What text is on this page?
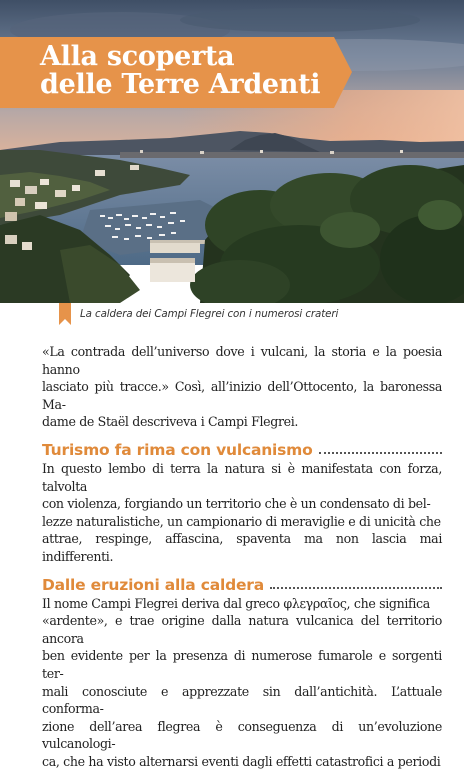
Alla scoperta
delle Terre Ardenti
La caldera dei Campi Flegrei con i numerosi crateri
«La contrada dell’universo dove i vulcani, la storia e la poesia hanno
lasciato più tracce.» Così, all’inizio dell’Ottocento, la baronessa Ma-
dame de Staël descriveva i Campi Flegrei.
Turismo fa rima con vulcanismo
In questo lembo di terra la natura si è manifestata con forza, talvolta
con violenza, forgiando un territorio che è un condensato di bel-
lezze naturalistiche, un campionario di meraviglie e di unicità che
attrae, respinge, affascina, spaventa ma non lascia mai indifferenti.
Dalle eruzioni alla caldera
Il nome Campi Flegrei deriva dal greco φλεγραῖος, che significa
«ardente», e trae origine dalla natura vulcanica del territorio ancora
ben evidente per la presenza di numerose fumarole e sorgenti ter-
mali conosciute e apprezzate sin dall’antichità. L’attuale conforma-
zione dell’area flegrea è conseguenza di un’evoluzione vulcanologi-
ca, che ha visto alternarsi eventi dagli effetti catastrofici a periodi
